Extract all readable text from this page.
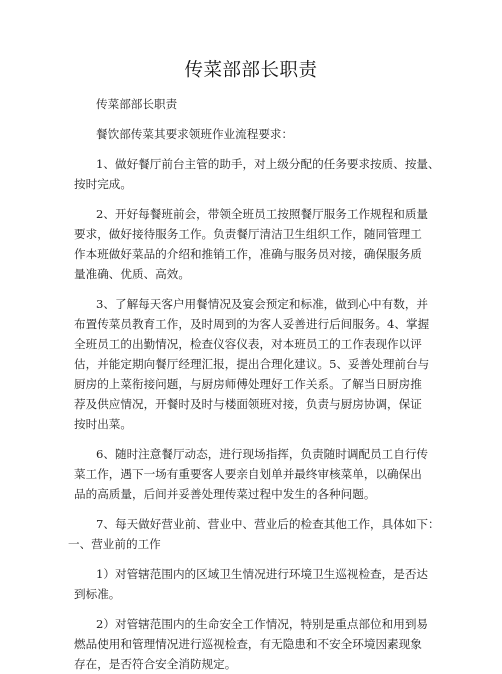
传菜部部长职责
传菜部部长职责
餐饮部传菜其要求领班作业流程要求：
1、做好餐厅前台主管的助手，对上级分配的任务要求按质、按量、
按时完成。
2、开好每餐班前会，带领全班员工按照餐厅服务工作规程和质量
要求，做好接待服务工作。负责餐厅清洁卫生组织工作，随同管理工
作本班做好菜品的介绍和推销工作，准确与服务员对接，确保服务质
量准确、优质、高效。
3、了解每天客户用餐情况及宴会预定和标准，做到心中有数，并
布置传菜员教育工作，及时周到的为客人妥善进行后间服务。4、掌握
全班员工的出勤情况，检查仪容仪表，对本班员工的工作表现作以评
估，并能定期向餐厅经理汇报，提出合理化建议。5、妥善处理前台与
厨房的上菜衔接问题，与厨房师傅处理好工作关系。了解当日厨房推
荐及供应情况，开餐时及时与楼面领班对接，负责与厨房协调，保证
按时出菜。
6、随时注意餐厅动态，进行现场指挥，负责随时调配员工自行传
菜工作，遇下一场有重要客人要亲自划单并最终审核菜单，以确保出
品的高质量，后间并妥善处理传菜过程中发生的各种问题。
7、每天做好营业前、营业中、营业后的检查其他工作，具体如下：
一、营业前的工作
1）对管辖范围内的区域卫生情况进行环境卫生巡视检查，是否达
到标准。
2）对管辖范围内的生命安全工作情况，特别是重点部位和用到易
燃品使用和管理情况进行巡视检查，有无隐患和不安全环境因素现象
存在，是否符合安全消防规定。
